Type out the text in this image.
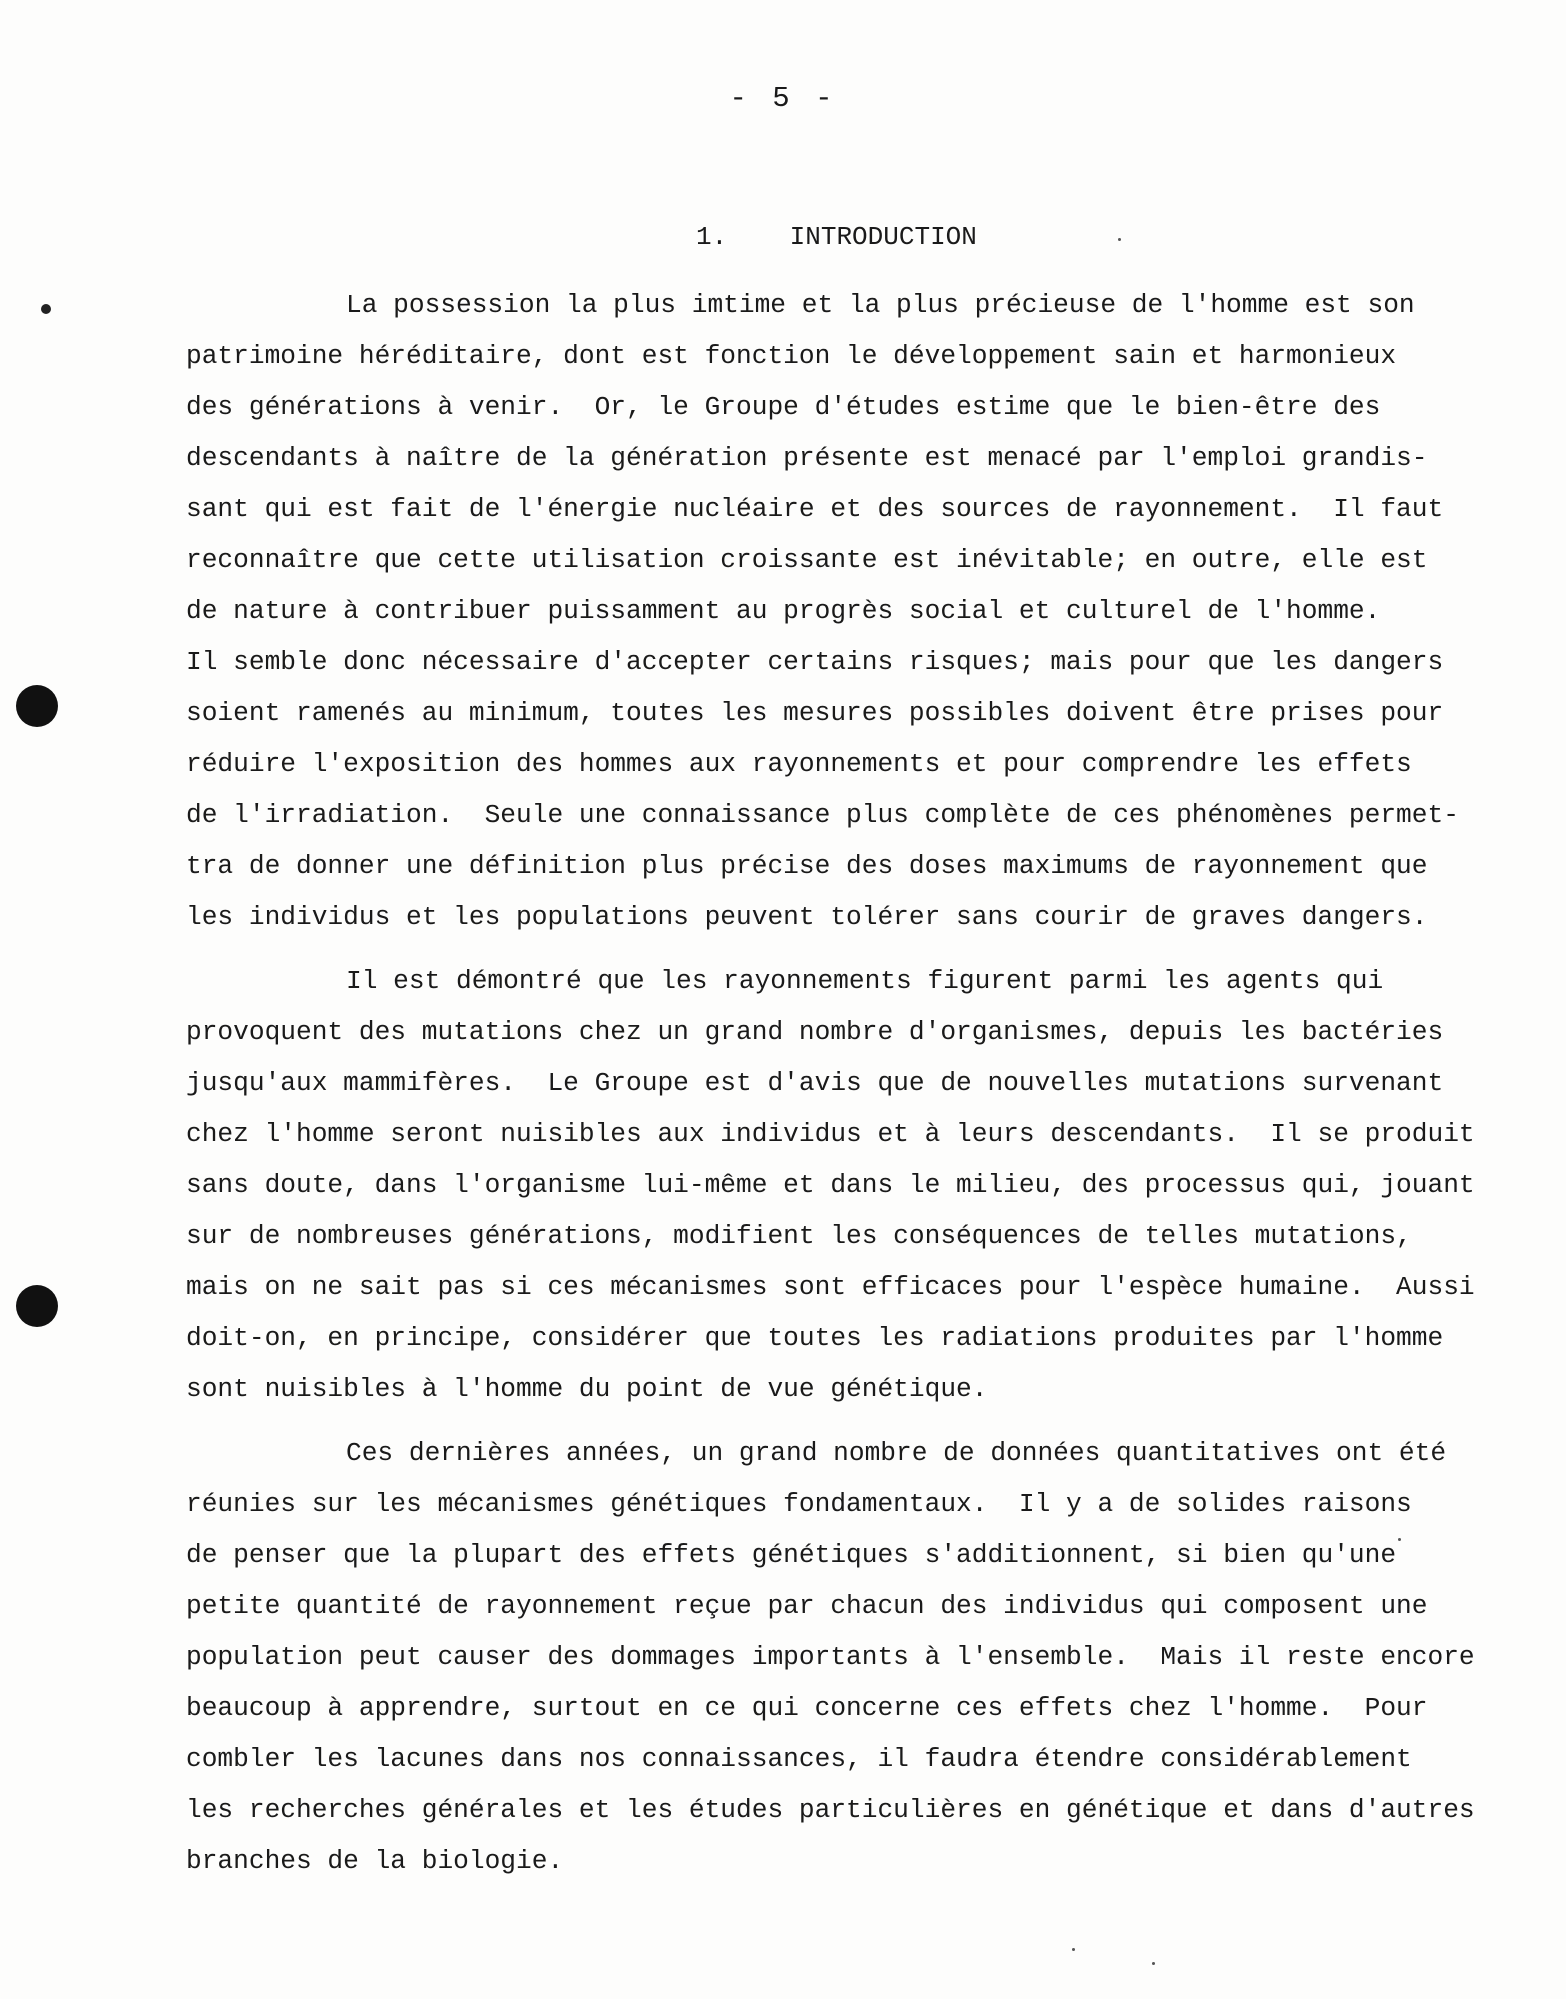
- 5 -
1. INTRODUCTION
La possession la plus imtime et la plus précieuse de l'homme est son
patrimoine héréditaire, dont est fonction le développement sain et harmonieux
des générations à venir.  Or, le Groupe d'études estime que le bien-être des
descendants à naître de la génération présente est menacé par l'emploi grandis-
sant qui est fait de l'énergie nucléaire et des sources de rayonnement.  Il faut
reconnaître que cette utilisation croissante est inévitable; en outre, elle est
de nature à contribuer puissamment au progrès social et culturel de l'homme.
Il semble donc nécessaire d'accepter certains risques; mais pour que les dangers
soient ramenés au minimum, toutes les mesures possibles doivent être prises pour
réduire l'exposition des hommes aux rayonnements et pour comprendre les effets
de l'irradiation.  Seule une connaissance plus complète de ces phénomènes permet-
tra de donner une définition plus précise des doses maximums de rayonnement que
les individus et les populations peuvent tolérer sans courir de graves dangers.
Il est démontré que les rayonnements figurent parmi les agents qui
provoquent des mutations chez un grand nombre d'organismes, depuis les bactéries
jusqu'aux mammifères.  Le Groupe est d'avis que de nouvelles mutations survenant
chez l'homme seront nuisibles aux individus et à leurs descendants.  Il se produit
sans doute, dans l'organisme lui-même et dans le milieu, des processus qui, jouant
sur de nombreuses générations, modifient les conséquences de telles mutations,
mais on ne sait pas si ces mécanismes sont efficaces pour l'espèce humaine.  Aussi
doit-on, en principe, considérer que toutes les radiations produites par l'homme
sont nuisibles à l'homme du point de vue génétique.
Ces dernières années, un grand nombre de données quantitatives ont été
réunies sur les mécanismes génétiques fondamentaux.  Il y a de solides raisons
de penser que la plupart des effets génétiques s'additionnent, si bien qu'une
petite quantité de rayonnement reçue par chacun des individus qui composent une
population peut causer des dommages importants à l'ensemble.  Mais il reste encore
beaucoup à apprendre, surtout en ce qui concerne ces effets chez l'homme.  Pour
combler les lacunes dans nos connaissances, il faudra étendre considérablement
les recherches générales et les études particulières en génétique et dans d'autres
branches de la biologie.
